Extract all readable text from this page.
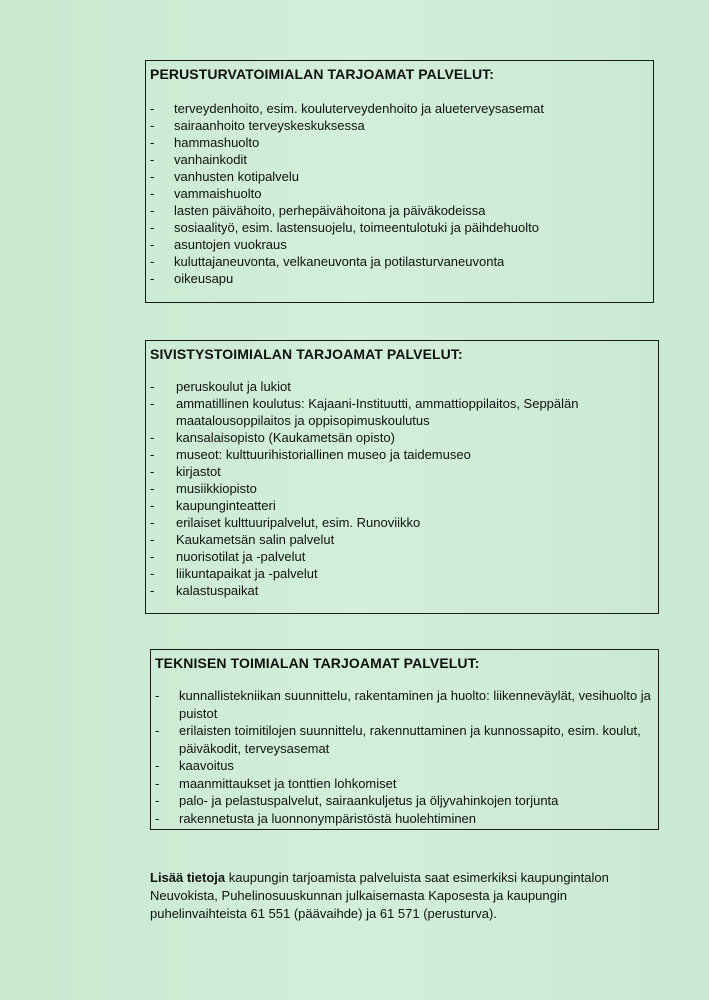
PERUSTURVATOIMIALAN TARJOAMAT PALVELUT:
- terveydenhoito, esim. kouluterveydenhoito ja alueterveysasemat
- sairaanhoito terveyskeskuksessa
- hammashuolto
- vanhainkodit
- vanhusten kotipalvelu
- vammaishuolto
- lasten päivähoito, perhepäivähoitona ja päiväkodeissa
- sosiaalityö, esim. lastensuojelu, toimeentulotuki ja päihdehuolto
- asuntojen vuokraus
- kuluttajaneuvonta, velkaneuvonta ja potilasturvaneuvonta
- oikeusapu
SIVISTYSTOIMIALAN TARJOAMAT PALVELUT:
- peruskoulut ja lukiot
- ammatillinen koulutus: Kajaani-Instituutti, ammattioppilaitos, Seppälän maatalousoppilaitos ja oppisopimuskoulutus
- kansalaisopisto (Kaukametsän opisto)
- museot: kulttuurihistoriallinen museo ja taidemuseo
- kirjastot
- musiikkiopisto
- kaupunginteatteri
- erilaiset kulttuuripalvelut, esim. Runoviikko
- Kaukametsän salin palvelut
- nuorisotilat ja -palvelut
- liikuntapaikat ja -palvelut
- kalastuspaikat
TEKNISEN TOIMIALAN TARJOAMAT PALVELUT:
- kunnallistekniikan suunnittelu, rakentaminen ja huolto: liikenneväylät, vesihuolto ja puistot
- erilaisten toimitilojen suunnittelu, rakennuttaminen ja kunnossapito, esim. koulut, päiväkodit, terveysasemat
- kaavoitus
- maanmittaukset ja tonttien lohkomiset
- palo- ja pelastuspalvelut, sairaankuljetus ja öljyvahinkojen torjunta
- rakennetusta ja luonnonympäristöstä huolehtiminen

Lisää tietoja kaupungin tarjoamista palveluista saat esimerkiksi kaupungintalon Neuvokista, Puhelinosuuskunnan julkaisemasta Kaposesta ja kaupungin puhelinvaihteista 61 551 (päävaihde) ja 61 571 (perusturva).
